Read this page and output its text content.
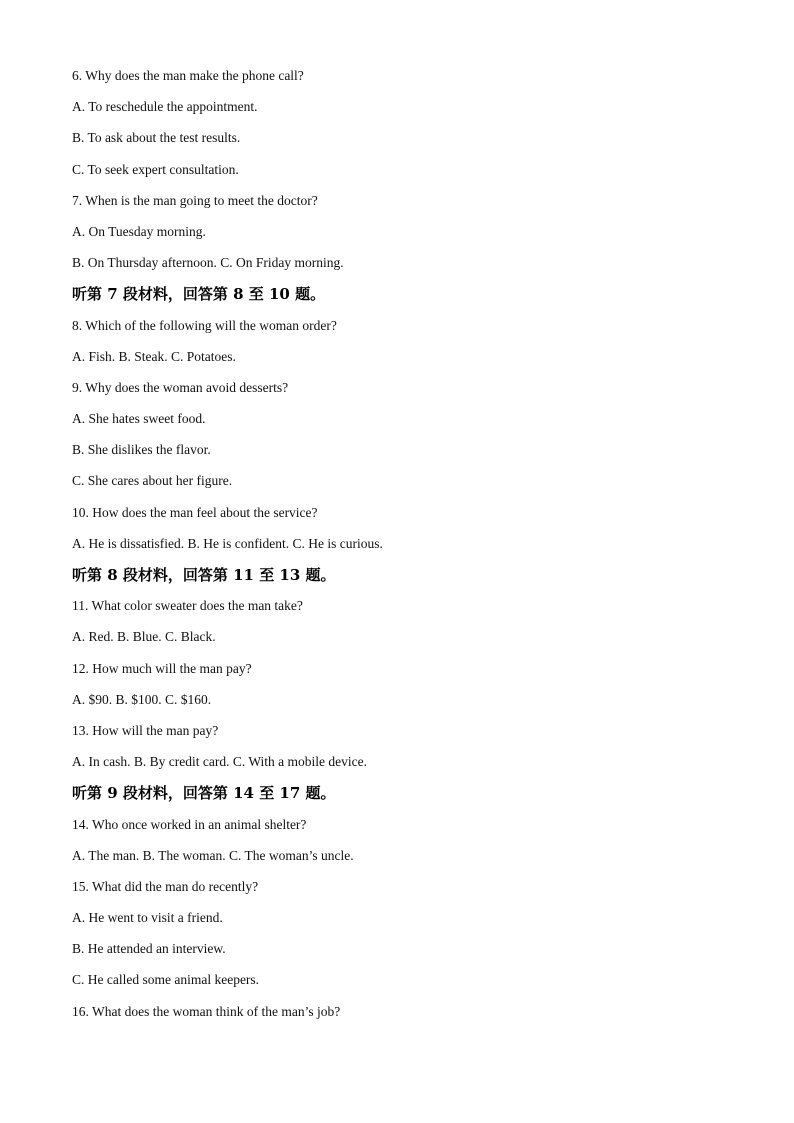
6. Why does the man make the phone call?
A. To reschedule the appointment.
B. To ask about the test results.
C. To seek expert consultation.
7. When is the man going to meet the doctor?
A. On Tuesday morning.
B. On Thursday afternoon. C. On Friday morning.
听第 7 段材料，回答第 8 至 10 题。
8. Which of the following will the woman order?
A. Fish. B. Steak. C. Potatoes.
9. Why does the woman avoid desserts?
A. She hates sweet food.
B. She dislikes the flavor.
C. She cares about her figure.
10. How does the man feel about the service?
A. He is dissatisfied. B. He is confident. C. He is curious.
听第 8 段材料，回答第 11 至 13 题。
11. What color sweater does the man take?
A. Red. B. Blue. C. Black.
12. How much will the man pay?
A. $90. B. $100. C. $160.
13. How will the man pay?
A. In cash. B. By credit card. C. With a mobile device.
听第 9 段材料，回答第 14 至 17 题。
14. Who once worked in an animal shelter?
A. The man. B. The woman. C. The woman’s uncle.
15. What did the man do recently?
A. He went to visit a friend.
B. He attended an interview.
C. He called some animal keepers.
16. What does the woman think of the man’s job?
